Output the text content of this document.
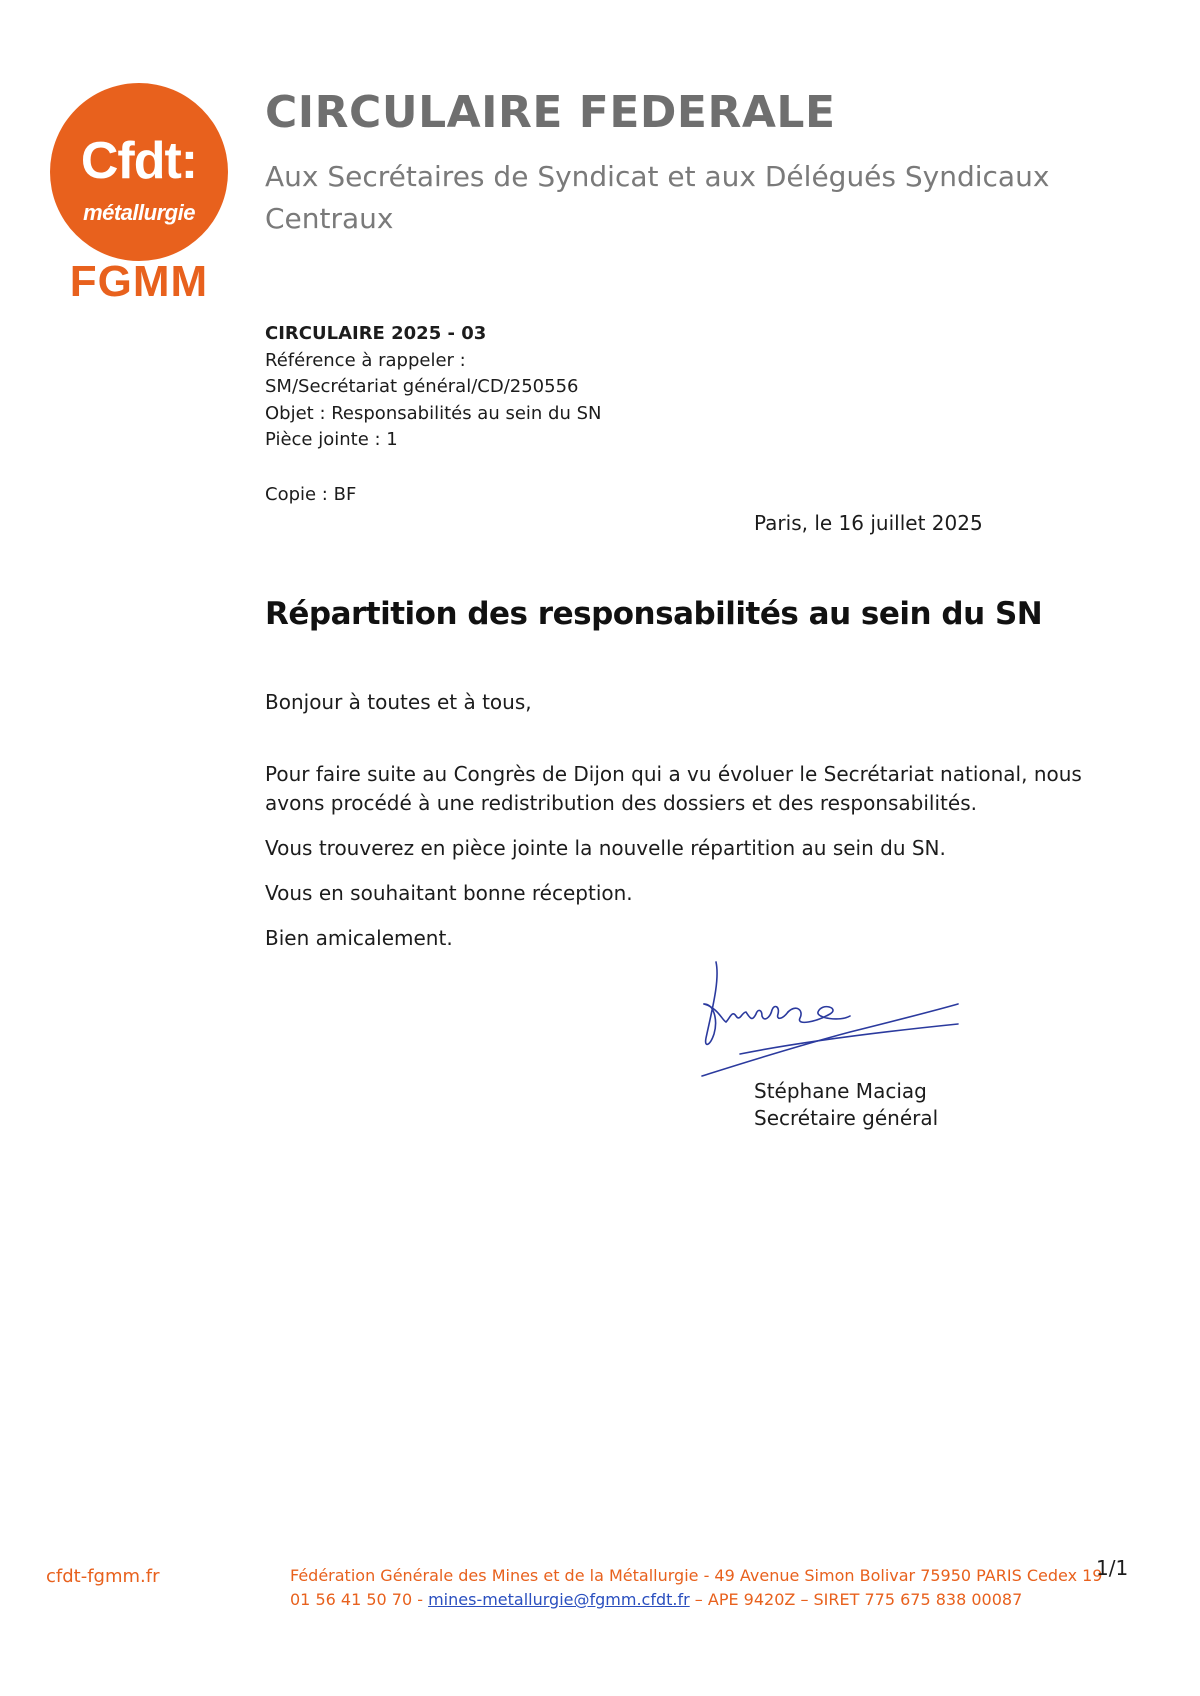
Cfdt:
métallurgie
FGMM
CIRCULAIRE FEDERALE
Aux Secrétaires de Syndicat et aux Délégués Syndicaux Centraux
CIRCULAIRE 2025 - 03
Référence à rappeler :
SM/Secrétariat général/CD/250556
Objet : Responsabilités au sein du SN
Pièce jointe : 1
Copie : BF
Paris, le 16 juillet 2025
Répartition des responsabilités au sein du SN
Bonjour à toutes et à tous,
Pour faire suite au Congrès de Dijon qui a vu évoluer le Secrétariat national, nous avons procédé à une redistribution des dossiers et des responsabilités.
Vous trouverez en pièce jointe la nouvelle répartition au sein du SN.
Vous en souhaitant bonne réception.
Bien amicalement.
Stéphane Maciag
Secrétaire général
cfdt-fgmm.fr	Fédération Générale des Mines et de la Métallurgie - 49 Avenue Simon Bolivar 75950 PARIS Cedex 19
01 56 41 50 70 - mines-metallurgie@fgmm.cfdt.fr – APE 9420Z – SIRET 775 675 838 00087
1/1
